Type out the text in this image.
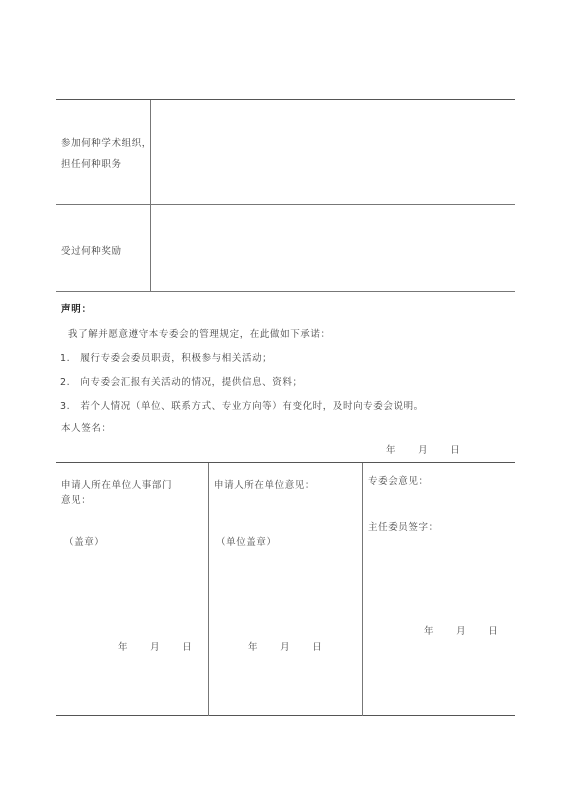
参加何种学术组织，
担任何种职务
受过何种奖励
声明：
我了解并愿意遵守本专委会的管理规定，在此做如下承诺：
1.　履行专委会委员职责，积极参与相关活动；
2.　向专委会汇报有关活动的情况，提供信息、资料；
3.　若个人情况（单位、联系方式、专业方向等）有变化时，及时向专委会说明。
本人签名：
年 月 日
申请人所在单位人事部门
意见：
（盖章）
年 月 日
申请人所在单位意见：
（单位盖章）
年 月 日
专委会意见：
主任委员签字：
年 月 日
